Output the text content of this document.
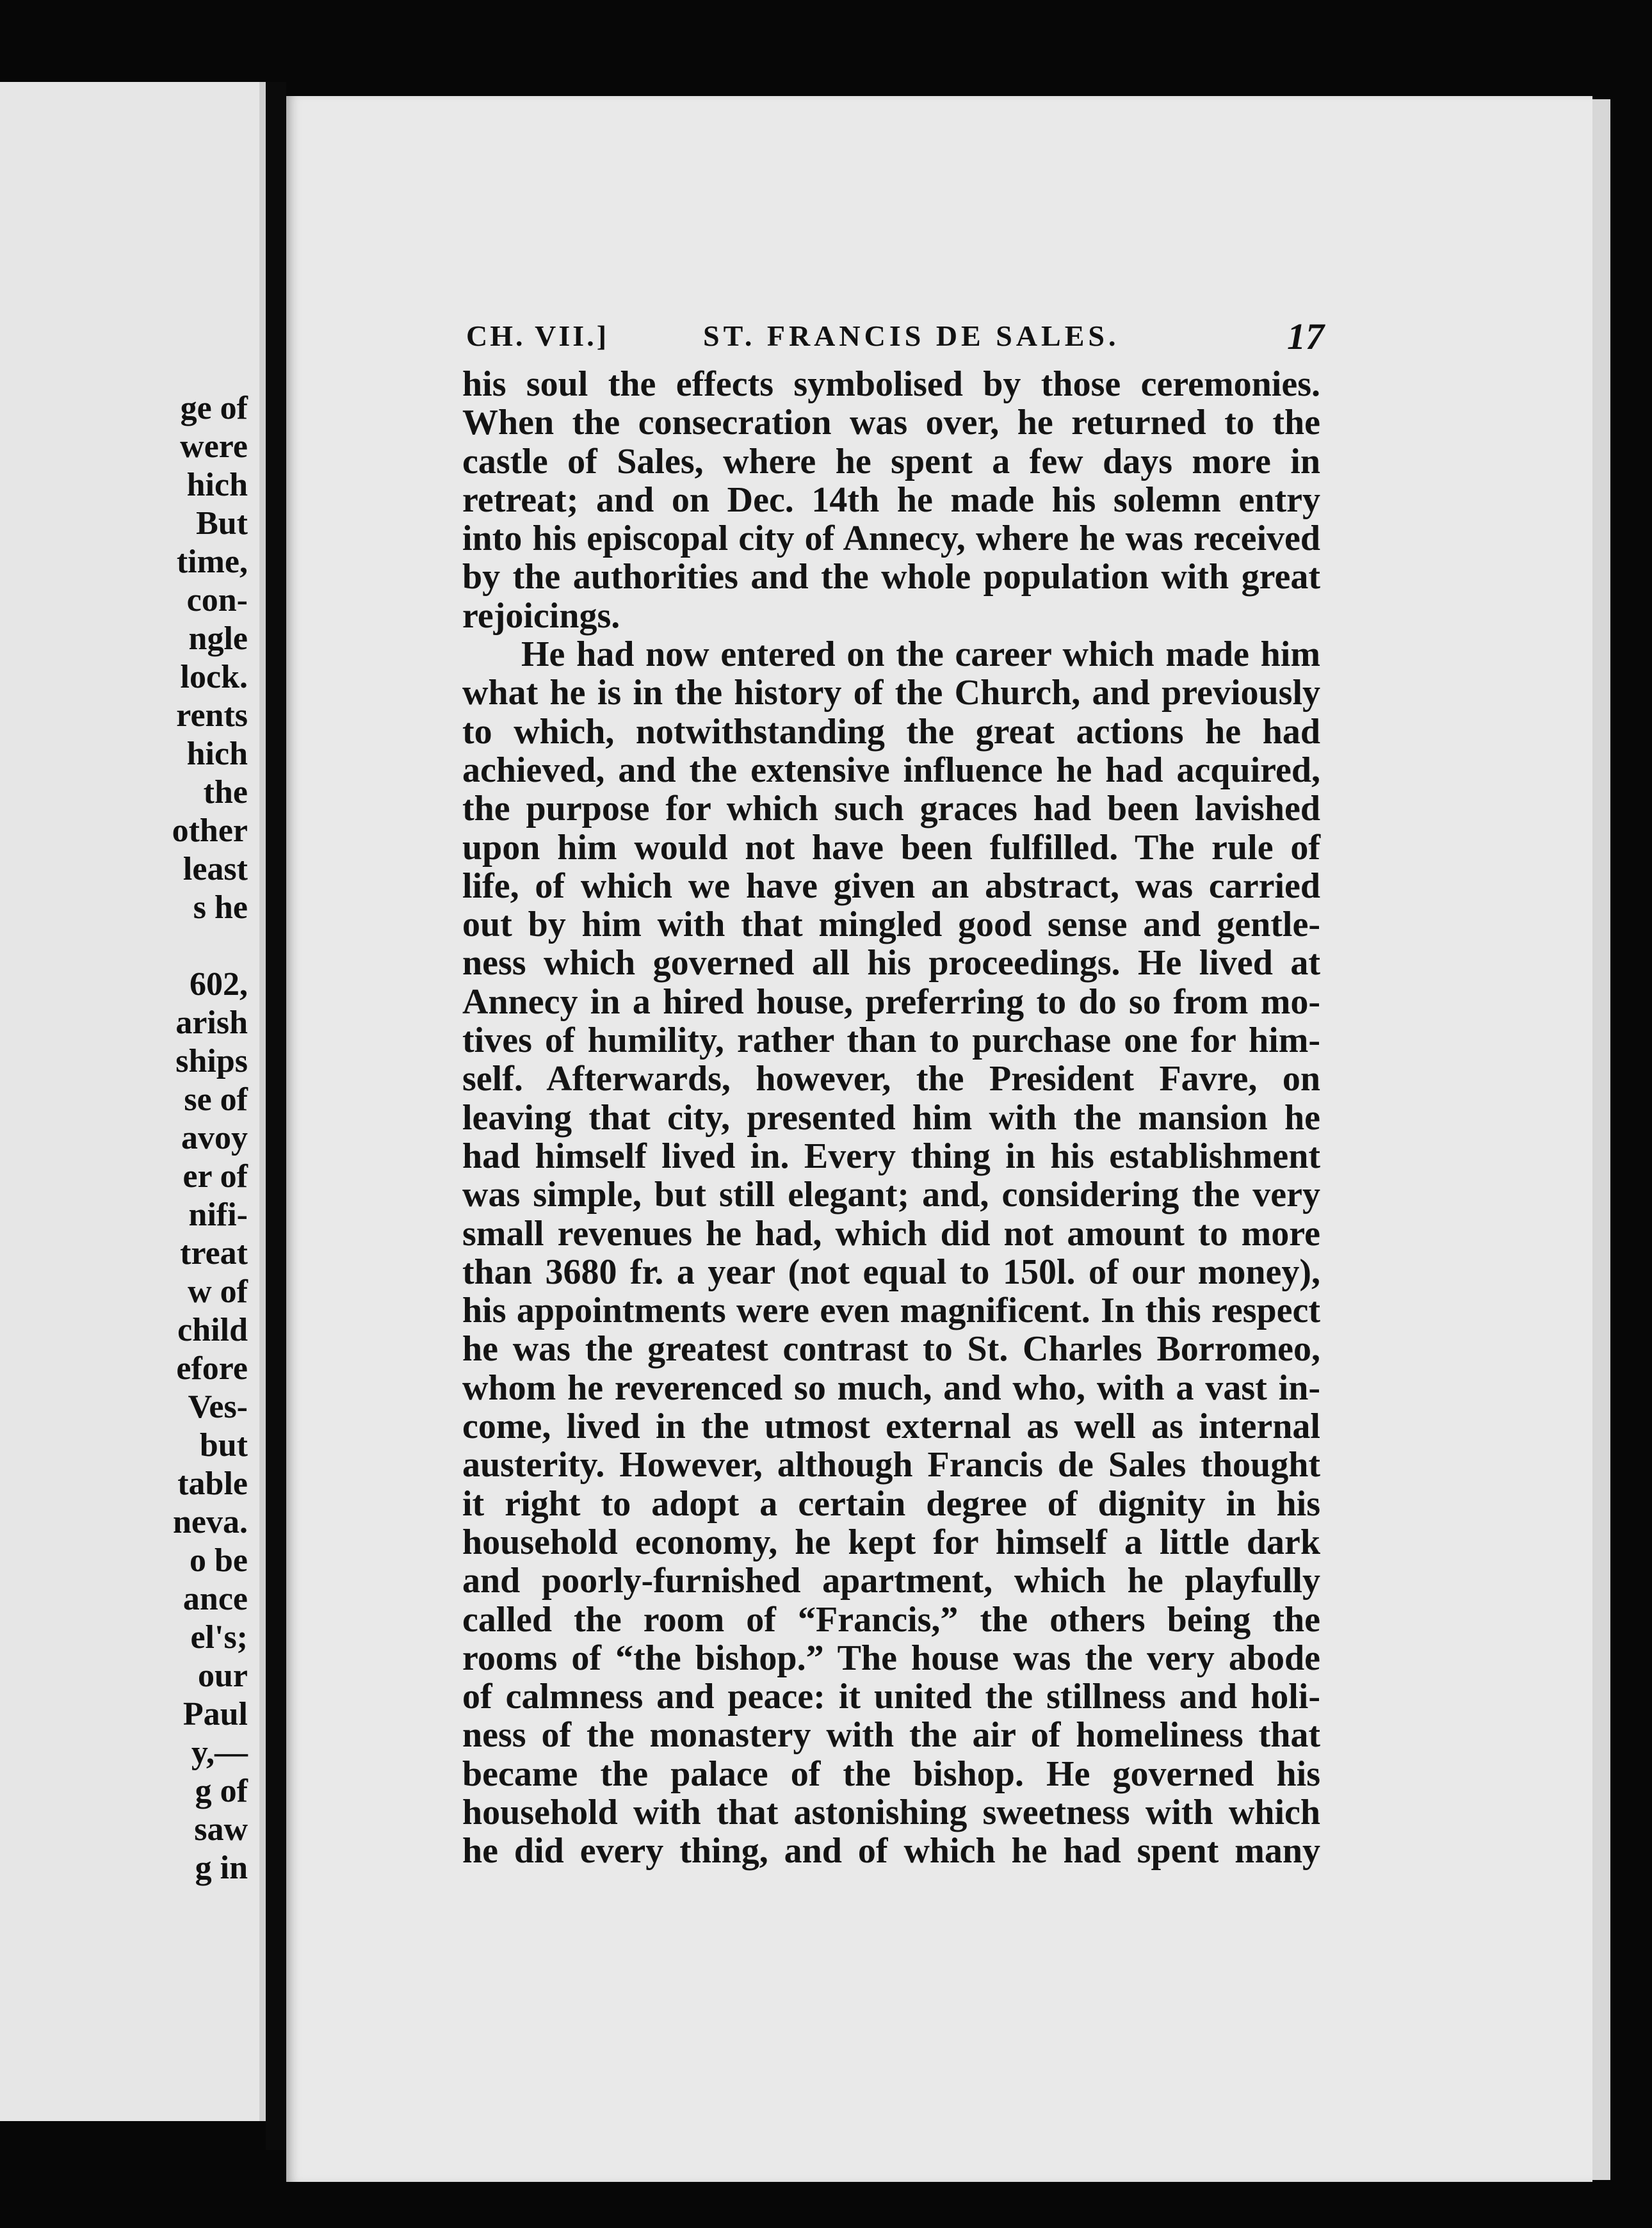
ge of
were
hich
But
time,
con-
ngle
lock.
rents
hich
the
other
least
s he
602,
arish
ships
se of
avoy
er of
nifi-
treat
w of
child
efore
Ves-
but
table
neva.
o be
ance
el's;
our
Paul
y,—
g of
saw
g in
CH. VII.]	ST. FRANCIS DE SALES.	17
his soul the effects symbolised by those ceremonies.
When the consecration was over, he returned to the
castle of Sales, where he spent a few days more in
retreat; and on Dec. 14th he made his solemn entry
into his episcopal city of Annecy, where he was received
by the authorities and the whole population with great
rejoicings.
He had now entered on the career which made him
what he is in the history of the Church, and previously
to which, notwithstanding the great actions he had
achieved, and the extensive influence he had acquired,
the purpose for which such graces had been lavished
upon him would not have been fulfilled. The rule of
life, of which we have given an abstract, was carried
out by him with that mingled good sense and gentle-
ness which governed all his proceedings. He lived at
Annecy in a hired house, preferring to do so from mo-
tives of humility, rather than to purchase one for him-
self. Afterwards, however, the President Favre, on
leaving that city, presented him with the mansion he
had himself lived in. Every thing in his establishment
was simple, but still elegant; and, considering the very
small revenues he had, which did not amount to more
than 3680 fr. a year (not equal to 150l. of our money),
his appointments were even magnificent. In this respect
he was the greatest contrast to St. Charles Borromeo,
whom he reverenced so much, and who, with a vast in-
come, lived in the utmost external as well as internal
austerity. However, although Francis de Sales thought
it right to adopt a certain degree of dignity in his
household economy, he kept for himself a little dark
and poorly-furnished apartment, which he playfully
called the room of “Francis,” the others being the
rooms of “the bishop.” The house was the very abode
of calmness and peace: it united the stillness and holi-
ness of the monastery with the air of homeliness that
became the palace of the bishop. He governed his
household with that astonishing sweetness with which
he did every thing, and of which he had spent many
